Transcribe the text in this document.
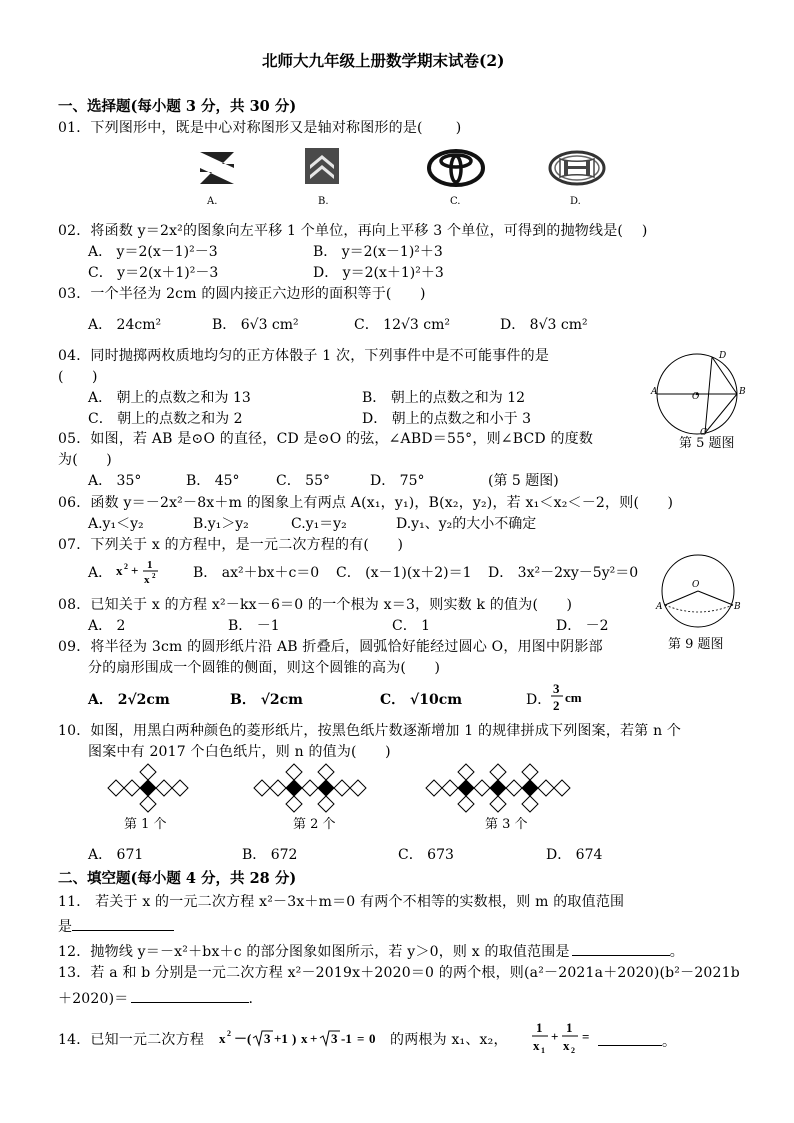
北师大九年级上册数学期末试卷(2)
一、选择题(每小题 3 分，共 30 分)
01．下列图形中，既是中心对称图形又是轴对称图形的是(　　 )
A.	B.	C.	D.
02．将函数 y＝2x²的图象向左平移 1 个单位，再向上平移 3 个单位，可得到的抛物线是(　 )
A． y＝2(x－1)²－3	B． y＝2(x－1)²＋3
C． y＝2(x＋1)²－3	D． y＝2(x＋1)²＋3
03．一个半径为 2cm 的圆内接正六边形的面积等于(　　)
A． 24cm²	B． 6√3 cm²	C． 12√3 cm²	D． 8√3 cm²
04．同时抛掷两枚质地均匀的正方体骰子 1 次，下列事件中是不可能事件的是
(　　)
A． 朝上的点数之和为 13	B． 朝上的点数之和为 12
C． 朝上的点数之和为 2	D． 朝上的点数之和小于 3
D
A	O	B
C
第 5 题图
05．如图，若 AB 是⊙O 的直径，CD 是⊙O 的弦，∠ABD＝55°，则∠BCD 的度数
为(　　)
A． 35°	B． 45°	C． 55°	D． 75°	(第 5 题图)
06．函数 y＝－2x²－8x＋m 的图象上有两点 A(x₁，y₁)，B(x₂，y₂)，若 x₁＜x₂＜－2，则(　　)
A.y₁＜y₂	B.y₁＞y₂	C.y₁＝y₂	D.y₁、y₂的大小不确定
07．下列关于 x 的方程中，是一元二次方程的有(　　)
A． x 2 + 1
x 2	B． ax²＋bx＋c＝0 C． (x－1)(x＋2)＝1 D． 3x²－2xy－5y²＝0
O
A	B
第 9 题图
08．已知关于 x 的方程 x²－kx－6＝0 的一个根为 x＝3，则实数 k 的值为(　　)
A． 2	B． －1	C． 1	D． －2
09．将半径为 3cm 的圆形纸片沿 AB 折叠后，圆弧恰好能经过圆心 O，用图中阴影部
分的扇形围成一个圆锥的侧面，则这个圆锥的高为(　　)
A． 2√2cm	B． √2cm	C． √10cm	D．
3
2
cm
10．如图，用黑白两种颜色的菱形纸片，按黑色纸片数逐渐增加 1 的规律拼成下列图案，若第 n 个
图案中有 2017 个白色纸片，则 n 的值为(　　)
第 1 个	第 2 个	第 3 个
A． 671	B． 672	C． 673	D． 674
二、填空题(每小题 4 分，共 28 分)
11． 若关于 x 的一元二次方程 x²－3x＋m＝0 有两个不相等的实数根，则 m 的取值范围
是
12．抛物线 y＝－x²＋bx＋c 的部分图象如图所示，若 y＞0，则 x 的取值范围是	。
13．若 a 和 b 分别是一元二次方程 x²－2019x＋2020＝0 的两个根，则(a²－2021a＋2020)(b²－2021b
＋2020)＝	.
14．已知一元二次方程 x 2 －( 3 +1 ) x + 3 -1 = 0 的两根为 x₁、x₂，
1
x 1
+
1
x 2
=	。
